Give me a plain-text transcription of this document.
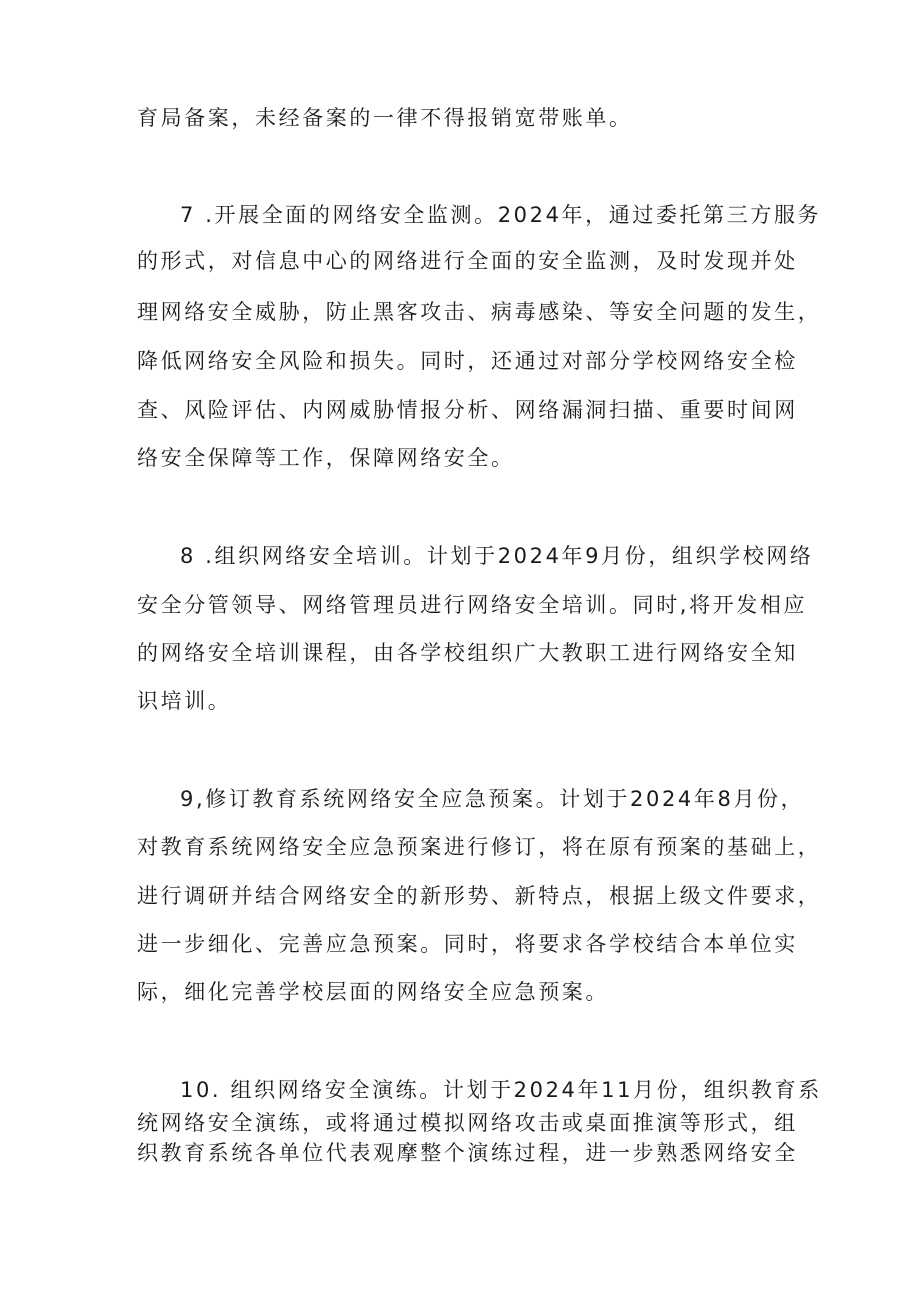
育局备案，未经备案的一律不得报销宽带账单。
7 .开展全面的网络安全监测。2024年，通过委托第三方服务
的形式，对信息中心的网络进行全面的安全监测，及时发现并处
理网络安全威胁，防止黑客攻击、病毒感染、等安全问题的发生，
降低网络安全风险和损失。同时，还通过对部分学校网络安全检
查、风险评估、内网威胁情报分析、网络漏洞扫描、重要时间网
络安全保障等工作，保障网络安全。
8 .组织网络安全培训。计划于2024年9月份，组织学校网络
安全分管领导、网络管理员进行网络安全培训。同时,将开发相应
的网络安全培训课程，由各学校组织广大教职工进行网络安全知
识培训。
9,修订教育系统网络安全应急预案。计划于2024年8月份，
对教育系统网络安全应急预案进行修订，将在原有预案的基础上，
进行调研并结合网络安全的新形势、新特点，根据上级文件要求，
进一步细化、完善应急预案。同时，将要求各学校结合本单位实
际，细化完善学校层面的网络安全应急预案。
10. 组织网络安全演练。计划于2024年11月份，组织教育系
统网络安全演练，或将通过模拟网络攻击或桌面推演等形式，组
织教育系统各单位代表观摩整个演练过程，进一步熟悉网络安全
